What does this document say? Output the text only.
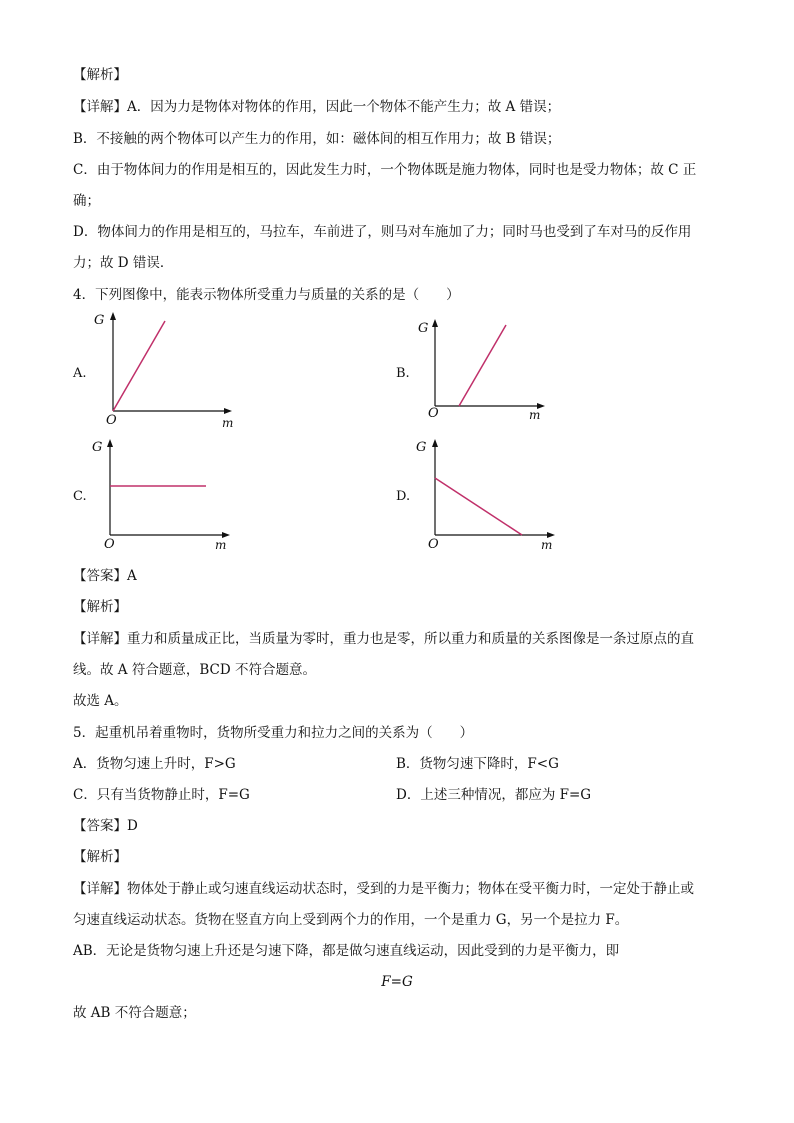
【解析】
【详解】A．因为力是物体对物体的作用，因此一个物体不能产生力；故 A 错误；
B．不接触的两个物体可以产生力的作用，如：磁体间的相互作用力；故 B 错误；
C．由于物体间力的作用是相互的，因此发生力时，一个物体既是施力物体，同时也是受力物体；故 C 正
确；
D．物体间力的作用是相互的，马拉车，车前进了，则马对车施加了力；同时马也受到了车对马的反作用
力；故 D 错误．
4．下列图像中，能表示物体所受重力与质量的关系的是（　　）
A.
G
O	m
B.
G
O	m
C.
G
O	m
D.
G
O	m
【答案】A
【解析】
【详解】重力和质量成正比，当质量为零时，重力也是零，所以重力和质量的关系图像是一条过原点的直
线。故 A 符合题意，BCD 不符合题意。
故选 A。
5．起重机吊着重物时，货物所受重力和拉力之间的关系为（　　）
A．货物匀速上升时，F>G	B．货物匀速下降时，F<G
C．只有当货物静止时，F=G	D．上述三种情况，都应为 F=G
【答案】D
【解析】
【详解】物体处于静止或匀速直线运动状态时，受到的力是平衡力；物体在受平衡力时，一定处于静止或
匀速直线运动状态。货物在竖直方向上受到两个力的作用，一个是重力 G，另一个是拉力 F。
AB．无论是货物匀速上升还是匀速下降，都是做匀速直线运动，因此受到的力是平衡力，即
F=G
故 AB 不符合题意；
